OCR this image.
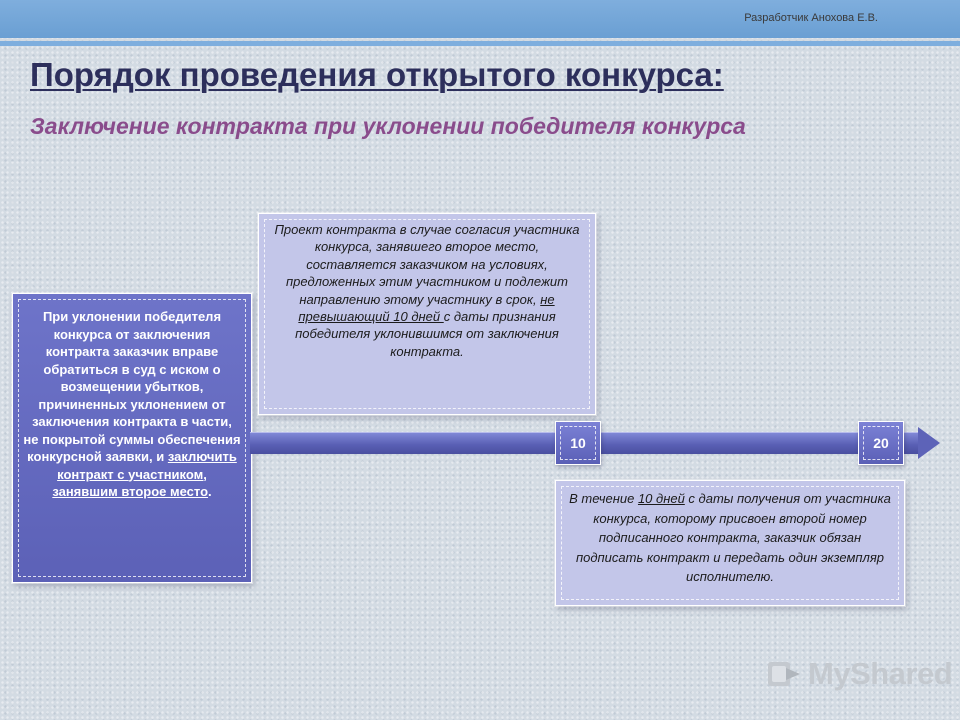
Разработчик Анохова Е.В.
Порядок проведения открытого конкурса:
Заключение контракта при уклонении победителя конкурса
При уклонении победителя конкурса от заключения контракта заказчик вправе обратиться в суд с иском о возмещении убытков, причиненных уклонением от заключения контракта в части, не покрытой суммы обеспечения конкурсной заявки, и заключить контракт с участником, занявшим второе место.
Проект контракта в случае согласия участника конкурса, занявшего второе место, составляется заказчиком на условиях, предложенных этим участником и подлежит направлению этому участнику в срок, не превышающий 10 дней с даты признания победителя уклонившимся от заключения контракта.
10	20
В течение 10 дней с даты получения от участника конкурса, которому присвоен второй номер подписанного контракта, заказчик обязан подписать контракт и передать один экземпляр исполнителю.
MyShared
